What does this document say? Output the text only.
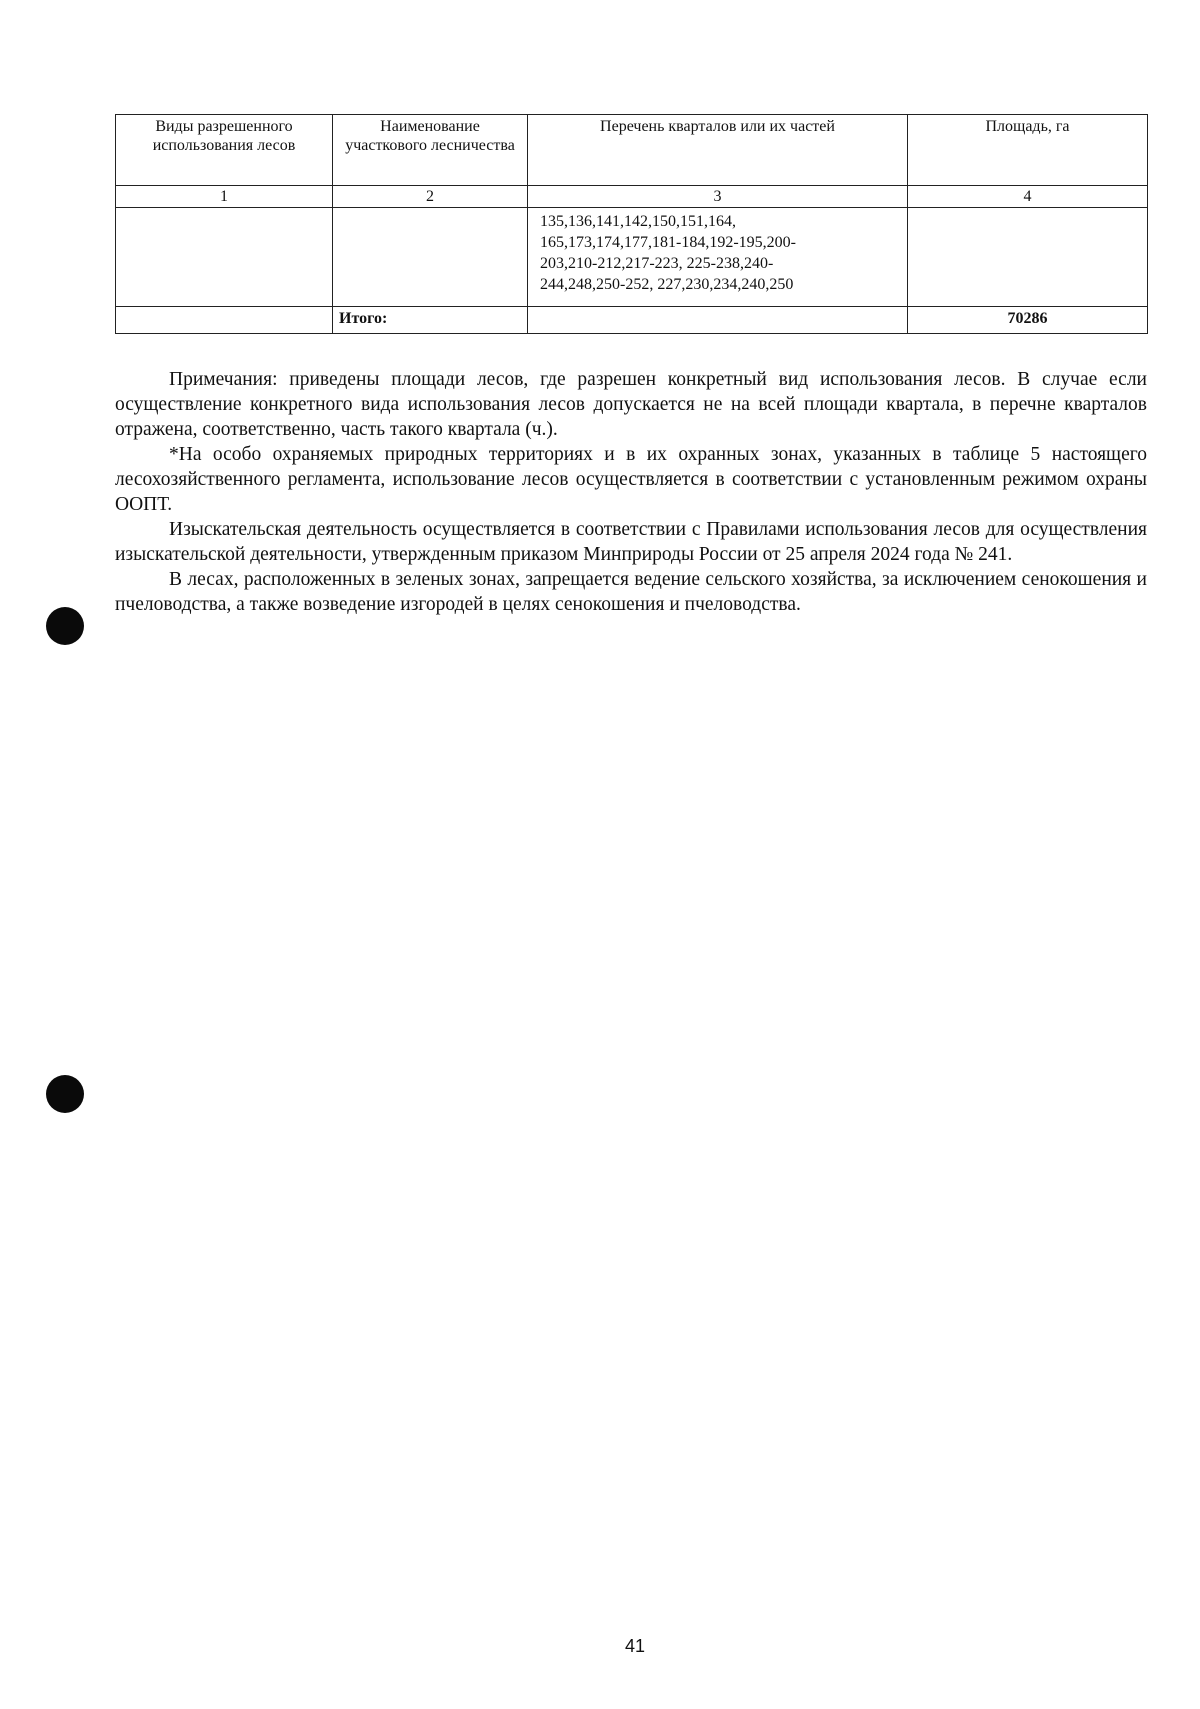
Виды разрешенного использования лесов	Наименование участкового лесничества	Перечень кварталов или их частей	Площадь, га
1	2	3	4

		135,136,141,142,150,151,164,
165,173,174,177,181-184,192-195,200-
203,210-212,217-223, 225-238,240-
244,248,250-252, 227,230,234,240,250	

	Итого:		70286

Примечания: приведены площади лесов, где разрешен конкретный вид использования лесов. В случае если осуществление конкретного вида использования лесов допускается не на всей площади квартала, в перечне кварталов отражена, соответственно, часть такого квартала (ч.).

*На особо охраняемых природных территориях и в их охранных зонах, указанных в таблице 5 настоящего лесохозяйственного регламента, использование лесов осуществляется в соответствии с установленным режимом охраны ООПТ.

Изыскательская деятельность осуществляется в соответствии с Правилами использования лесов для осуществления изыскательской деятельности, утвержденным приказом Минприроды России от 25 апреля 2024 года № 241.

В лесах, расположенных в зеленых зонах, запрещается ведение сельского хозяйства, за исключением сенокошения и пчеловодства, а также возведение изгородей в целях сенокошения и пчеловодства.

41
